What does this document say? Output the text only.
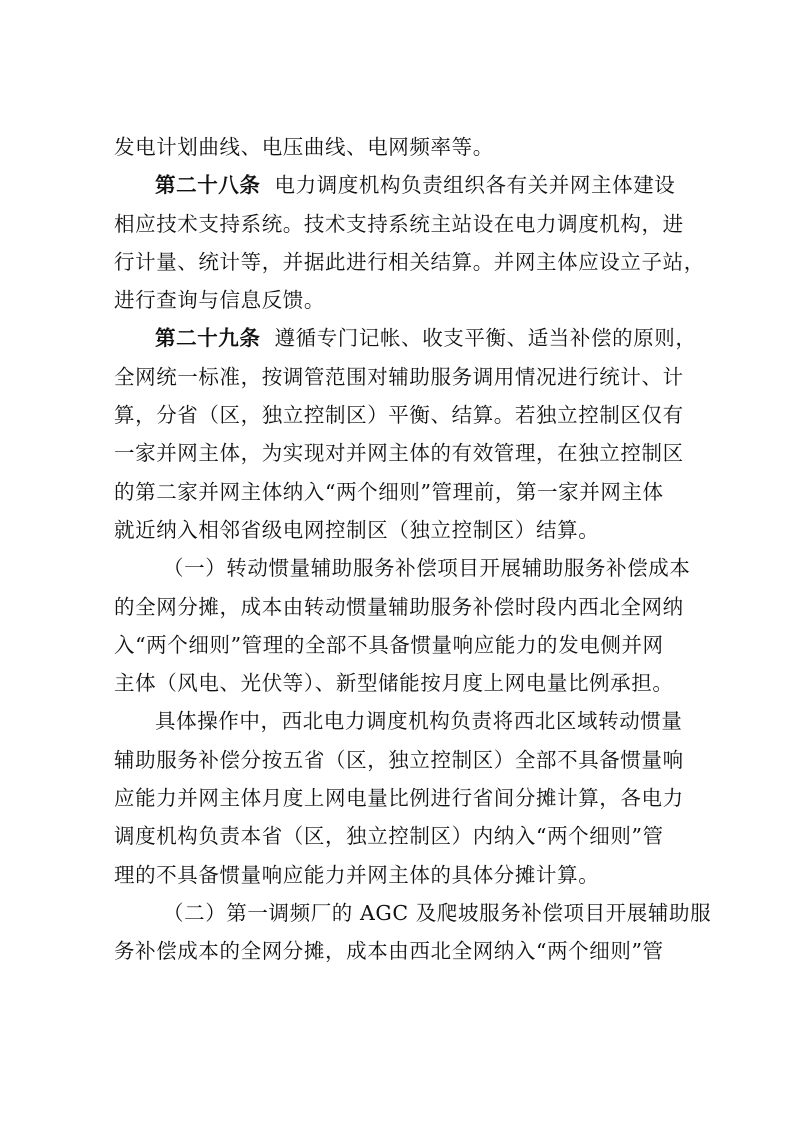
发电计划曲线、电压曲线、电网频率等。
第二十八条 电力调度机构负责组织各有关并网主体建设
相应技术支持系统。技术支持系统主站设在电力调度机构，进
行计量、统计等，并据此进行相关结算。并网主体应设立子站，
进行查询与信息反馈。
第二十九条 遵循专门记帐、收支平衡、适当补偿的原则，
全网统一标准，按调管范围对辅助服务调用情况进行统计、计
算，分省（区，独立控制区）平衡、结算。若独立控制区仅有
一家并网主体，为实现对并网主体的有效管理，在独立控制区
的第二家并网主体纳入“两个细则”管理前，第一家并网主体
就近纳入相邻省级电网控制区（独立控制区）结算。
（一）转动惯量辅助服务补偿项目开展辅助服务补偿成本
的全网分摊，成本由转动惯量辅助服务补偿时段内西北全网纳
入“两个细则”管理的全部不具备惯量响应能力的发电侧并网
主体（风电、光伏等）、新型储能按月度上网电量比例承担。
具体操作中，西北电力调度机构负责将西北区域转动惯量
辅助服务补偿分按五省（区，独立控制区）全部不具备惯量响
应能力并网主体月度上网电量比例进行省间分摊计算，各电力
调度机构负责本省（区，独立控制区）内纳入“两个细则”管
理的不具备惯量响应能力并网主体的具体分摊计算。
（二）第一调频厂的 AGC 及爬坡服务补偿项目开展辅助服
务补偿成本的全网分摊，成本由西北全网纳入“两个细则”管
